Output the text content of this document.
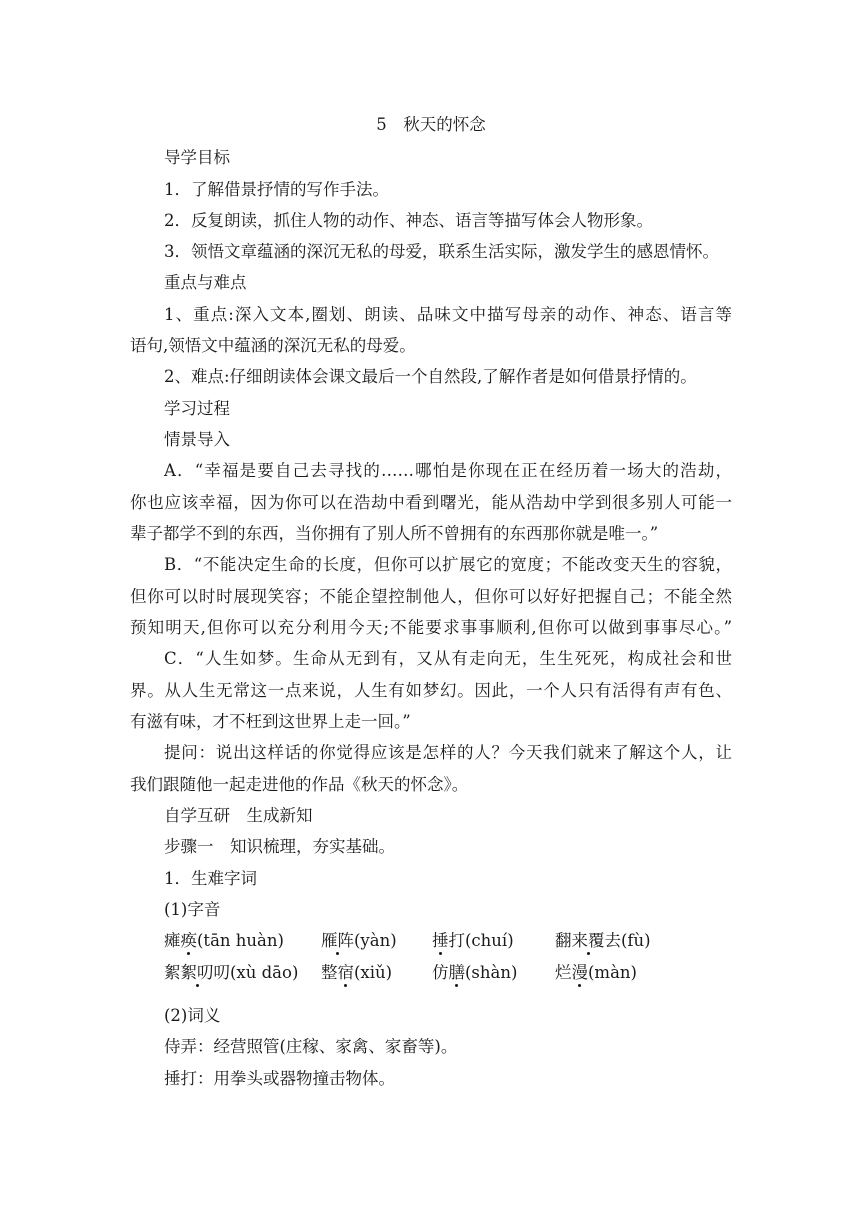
5　秋天的怀念
导学目标
1．了解借景抒情的写作手法。
2．反复朗读，抓住人物的动作、神态、语言等描写体会人物形象。
3．领悟文章蕴涵的深沉无私的母爱，联系生活实际，激发学生的感恩情怀。
重点与难点
1、重点:深入文本,圈划、朗读、品味文中描写母亲的动作、神态、语言等
语句,领悟文中蕴涵的深沉无私的母爱。
2、难点:仔细朗读体会课文最后一个自然段,了解作者是如何借景抒情的。
学习过程
情景导入
A．“幸福是要自己去寻找的……哪怕是你现在正在经历着一场大的浩劫，
你也应该幸福，因为你可以在浩劫中看到曙光，能从浩劫中学到很多别人可能一
辈子都学不到的东西，当你拥有了别人所不曾拥有的东西那你就是唯一。”
B．“不能决定生命的长度，但你可以扩展它的宽度；不能改变天生的容貌，
但你可以时时展现笑容；不能企望控制他人，但你可以好好把握自己；不能全然
预知明天,但你可以充分利用今天;不能要求事事顺利,但你可以做到事事尽心。”
C．“人生如梦。生命从无到有，又从有走向无，生生死死，构成社会和世
界。从人生无常这一点来说，人生有如梦幻。因此，一个人只有活得有声有色、
有滋有味，才不枉到这世界上走一回。”
提问：说出这样话的你觉得应该是怎样的人？今天我们就来了解这个人，让
我们跟随他一起走进他的作品《秋天的怀念》。
自学互研　生成新知
步骤一　知识梳理，夯实基础。
1．生难字词
(1)字音
瘫痪(tān huàn) 雁阵(yàn) 捶打(chuí)	翻来覆去(fù)
絮絮叨叨(xù dāo) 整宿(xiǔ) 仿膳(shàn) 烂漫(màn)
(2)词义
侍弄：经营照管(庄稼、家禽、家畜等)。
捶打：用拳头或器物撞击物体。
